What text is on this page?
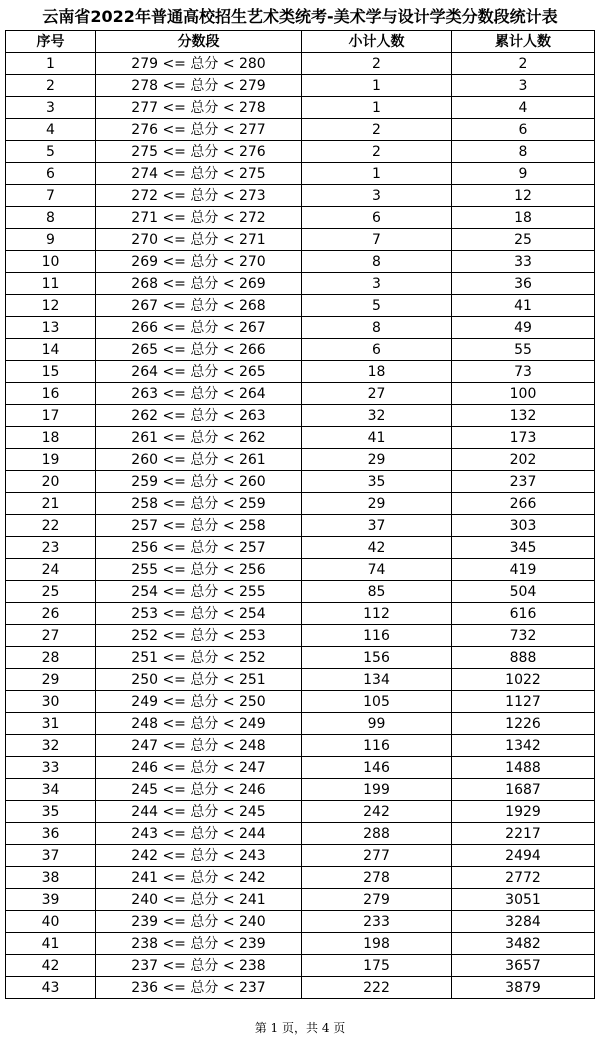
云南省2022年普通高校招生艺术类统考-美术学与设计学类分数段统计表
序号	分数段	小计人数	累计人数
1	279 <= 总分 < 280	2	2
2	278 <= 总分 < 279	1	3
3	277 <= 总分 < 278	1	4
4	276 <= 总分 < 277	2	6
5	275 <= 总分 < 276	2	8
6	274 <= 总分 < 275	1	9
7	272 <= 总分 < 273	3	12
8	271 <= 总分 < 272	6	18
9	270 <= 总分 < 271	7	25
10	269 <= 总分 < 270	8	33
11	268 <= 总分 < 269	3	36
12	267 <= 总分 < 268	5	41
13	266 <= 总分 < 267	8	49
14	265 <= 总分 < 266	6	55
15	264 <= 总分 < 265	18	73
16	263 <= 总分 < 264	27	100
17	262 <= 总分 < 263	32	132
18	261 <= 总分 < 262	41	173
19	260 <= 总分 < 261	29	202
20	259 <= 总分 < 260	35	237
21	258 <= 总分 < 259	29	266
22	257 <= 总分 < 258	37	303
23	256 <= 总分 < 257	42	345
24	255 <= 总分 < 256	74	419
25	254 <= 总分 < 255	85	504
26	253 <= 总分 < 254	112	616
27	252 <= 总分 < 253	116	732
28	251 <= 总分 < 252	156	888
29	250 <= 总分 < 251	134	1022
30	249 <= 总分 < 250	105	1127
31	248 <= 总分 < 249	99	1226
32	247 <= 总分 < 248	116	1342
33	246 <= 总分 < 247	146	1488
34	245 <= 总分 < 246	199	1687
35	244 <= 总分 < 245	242	1929
36	243 <= 总分 < 244	288	2217
37	242 <= 总分 < 243	277	2494
38	241 <= 总分 < 242	278	2772
39	240 <= 总分 < 241	279	3051
40	239 <= 总分 < 240	233	3284
41	238 <= 总分 < 239	198	3482
42	237 <= 总分 < 238	175	3657
43	236 <= 总分 < 237	222	3879
第 1 页，共 4 页
